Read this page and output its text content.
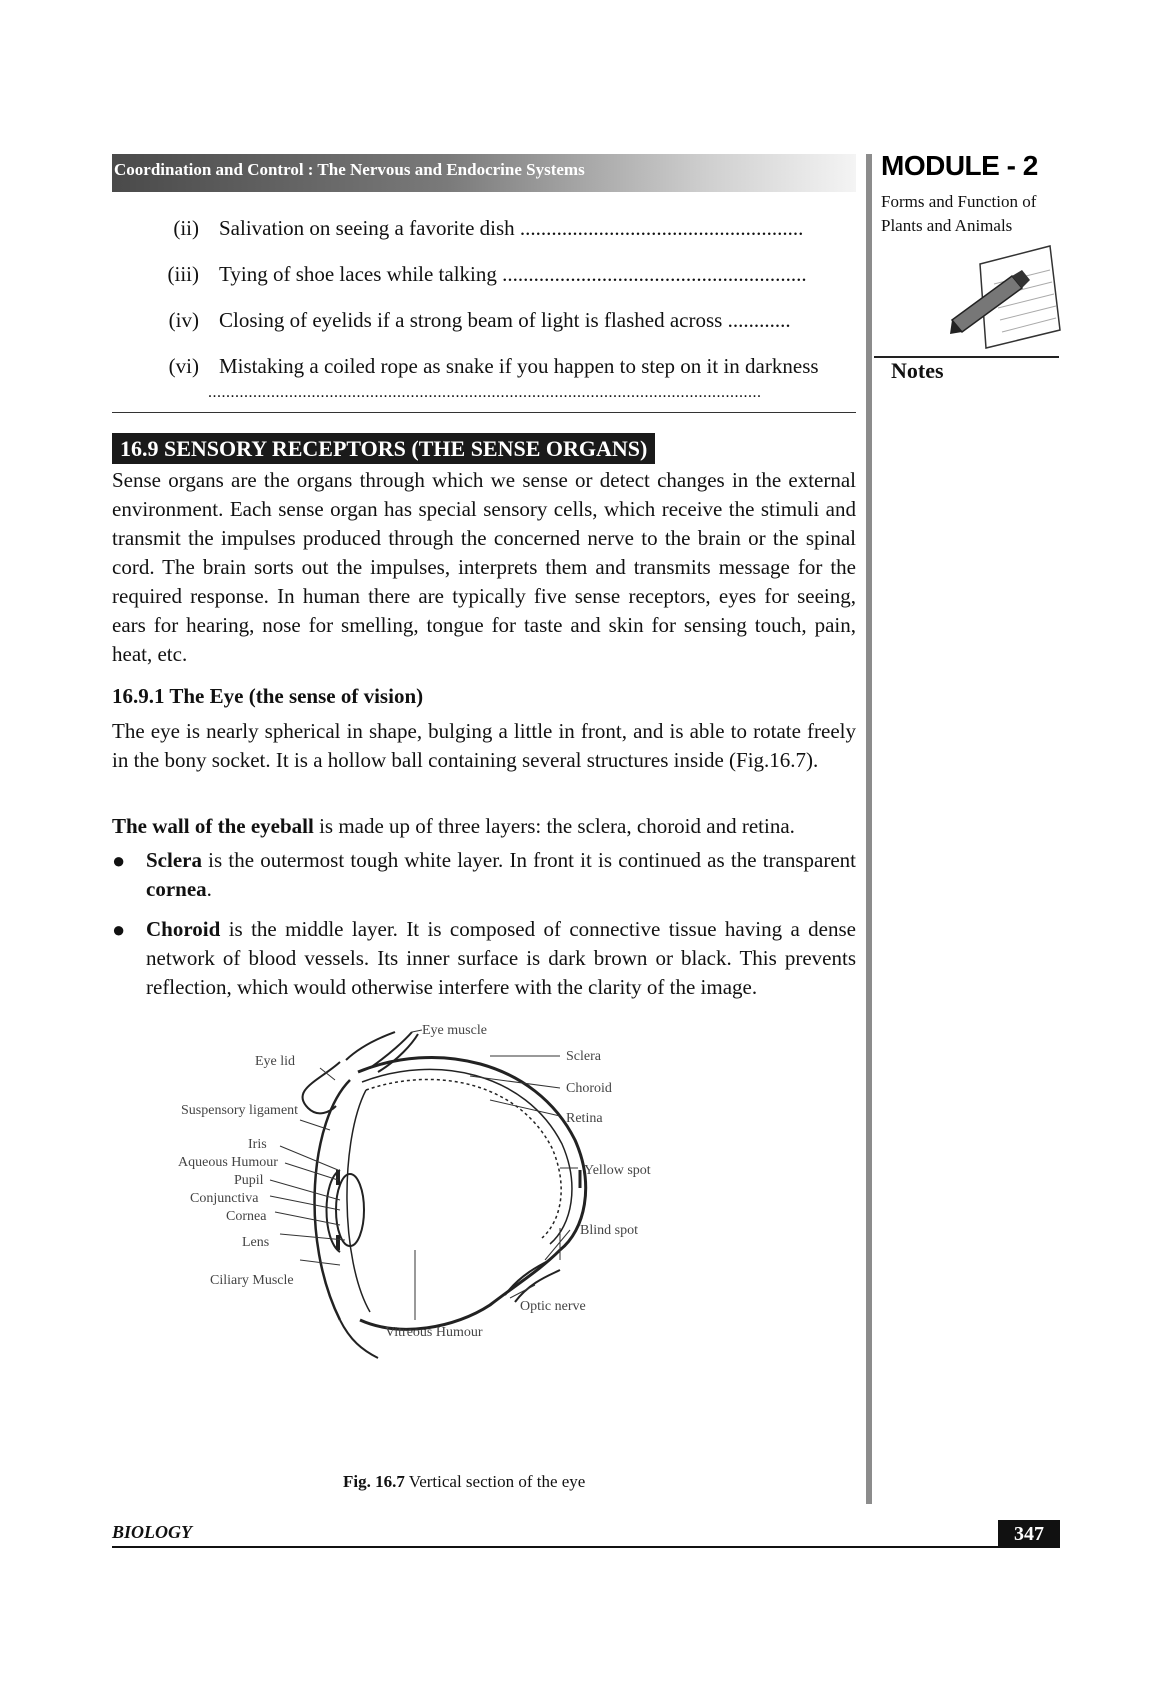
Coordination and Control : The Nervous and Endocrine Systems	MODULE - 2
Forms and Function of
Plants and Animals
Notes
(ii) Salivation on seeing a favorite dish ......................................................
(iii) Tying of shoe laces while talking ..........................................................
(iv) Closing of eyelids if a strong beam of light is flashed across ............
(vi) Mistaking a coiled rope as snake if you happen to step on it in darkness
...........................................................................................................................
16.9 SENSORY RECEPTORS (THE SENSE ORGANS)
Sense organs are the organs through which we sense or detect changes in the external environment. Each sense organ has special sensory cells, which receive the stimuli and transmit the impulses produced through the concerned nerve to the brain or the spinal cord. The brain sorts out the impulses, interprets them and transmits message for the required response. In human there are typically five sense receptors, eyes for seeing, ears for hearing, nose for smelling, tongue for taste and skin for sensing touch, pain, heat, etc.
16.9.1 The Eye (the sense of vision)
The eye is nearly spherical in shape, bulging a little in front, and is able to rotate freely in the bony socket. It is a hollow ball containing several structures inside (Fig.16.7).
The wall of the eyeball is made up of three layers: the sclera, choroid and retina.
● Sclera is the outermost tough white layer. In front it is continued as the transparent cornea.
● Choroid is the middle layer. It is composed of connective tissue having a dense network of blood vessels. Its inner surface is dark brown or black. This prevents reflection, which would otherwise interfere with the clarity of the image.
Eye muscle
Eye lid	Sclera
Choroid
Suspensory ligament
Retina
Iris
Aqueous Humour
Pupil
Conjunctiva
Cornea
Lens
Ciliary Muscle
Yellow spot
Blind spot
Optic nerve
Vitreous Humour
Fig. 16.7 Vertical section of the eye
BIOLOGY	347
